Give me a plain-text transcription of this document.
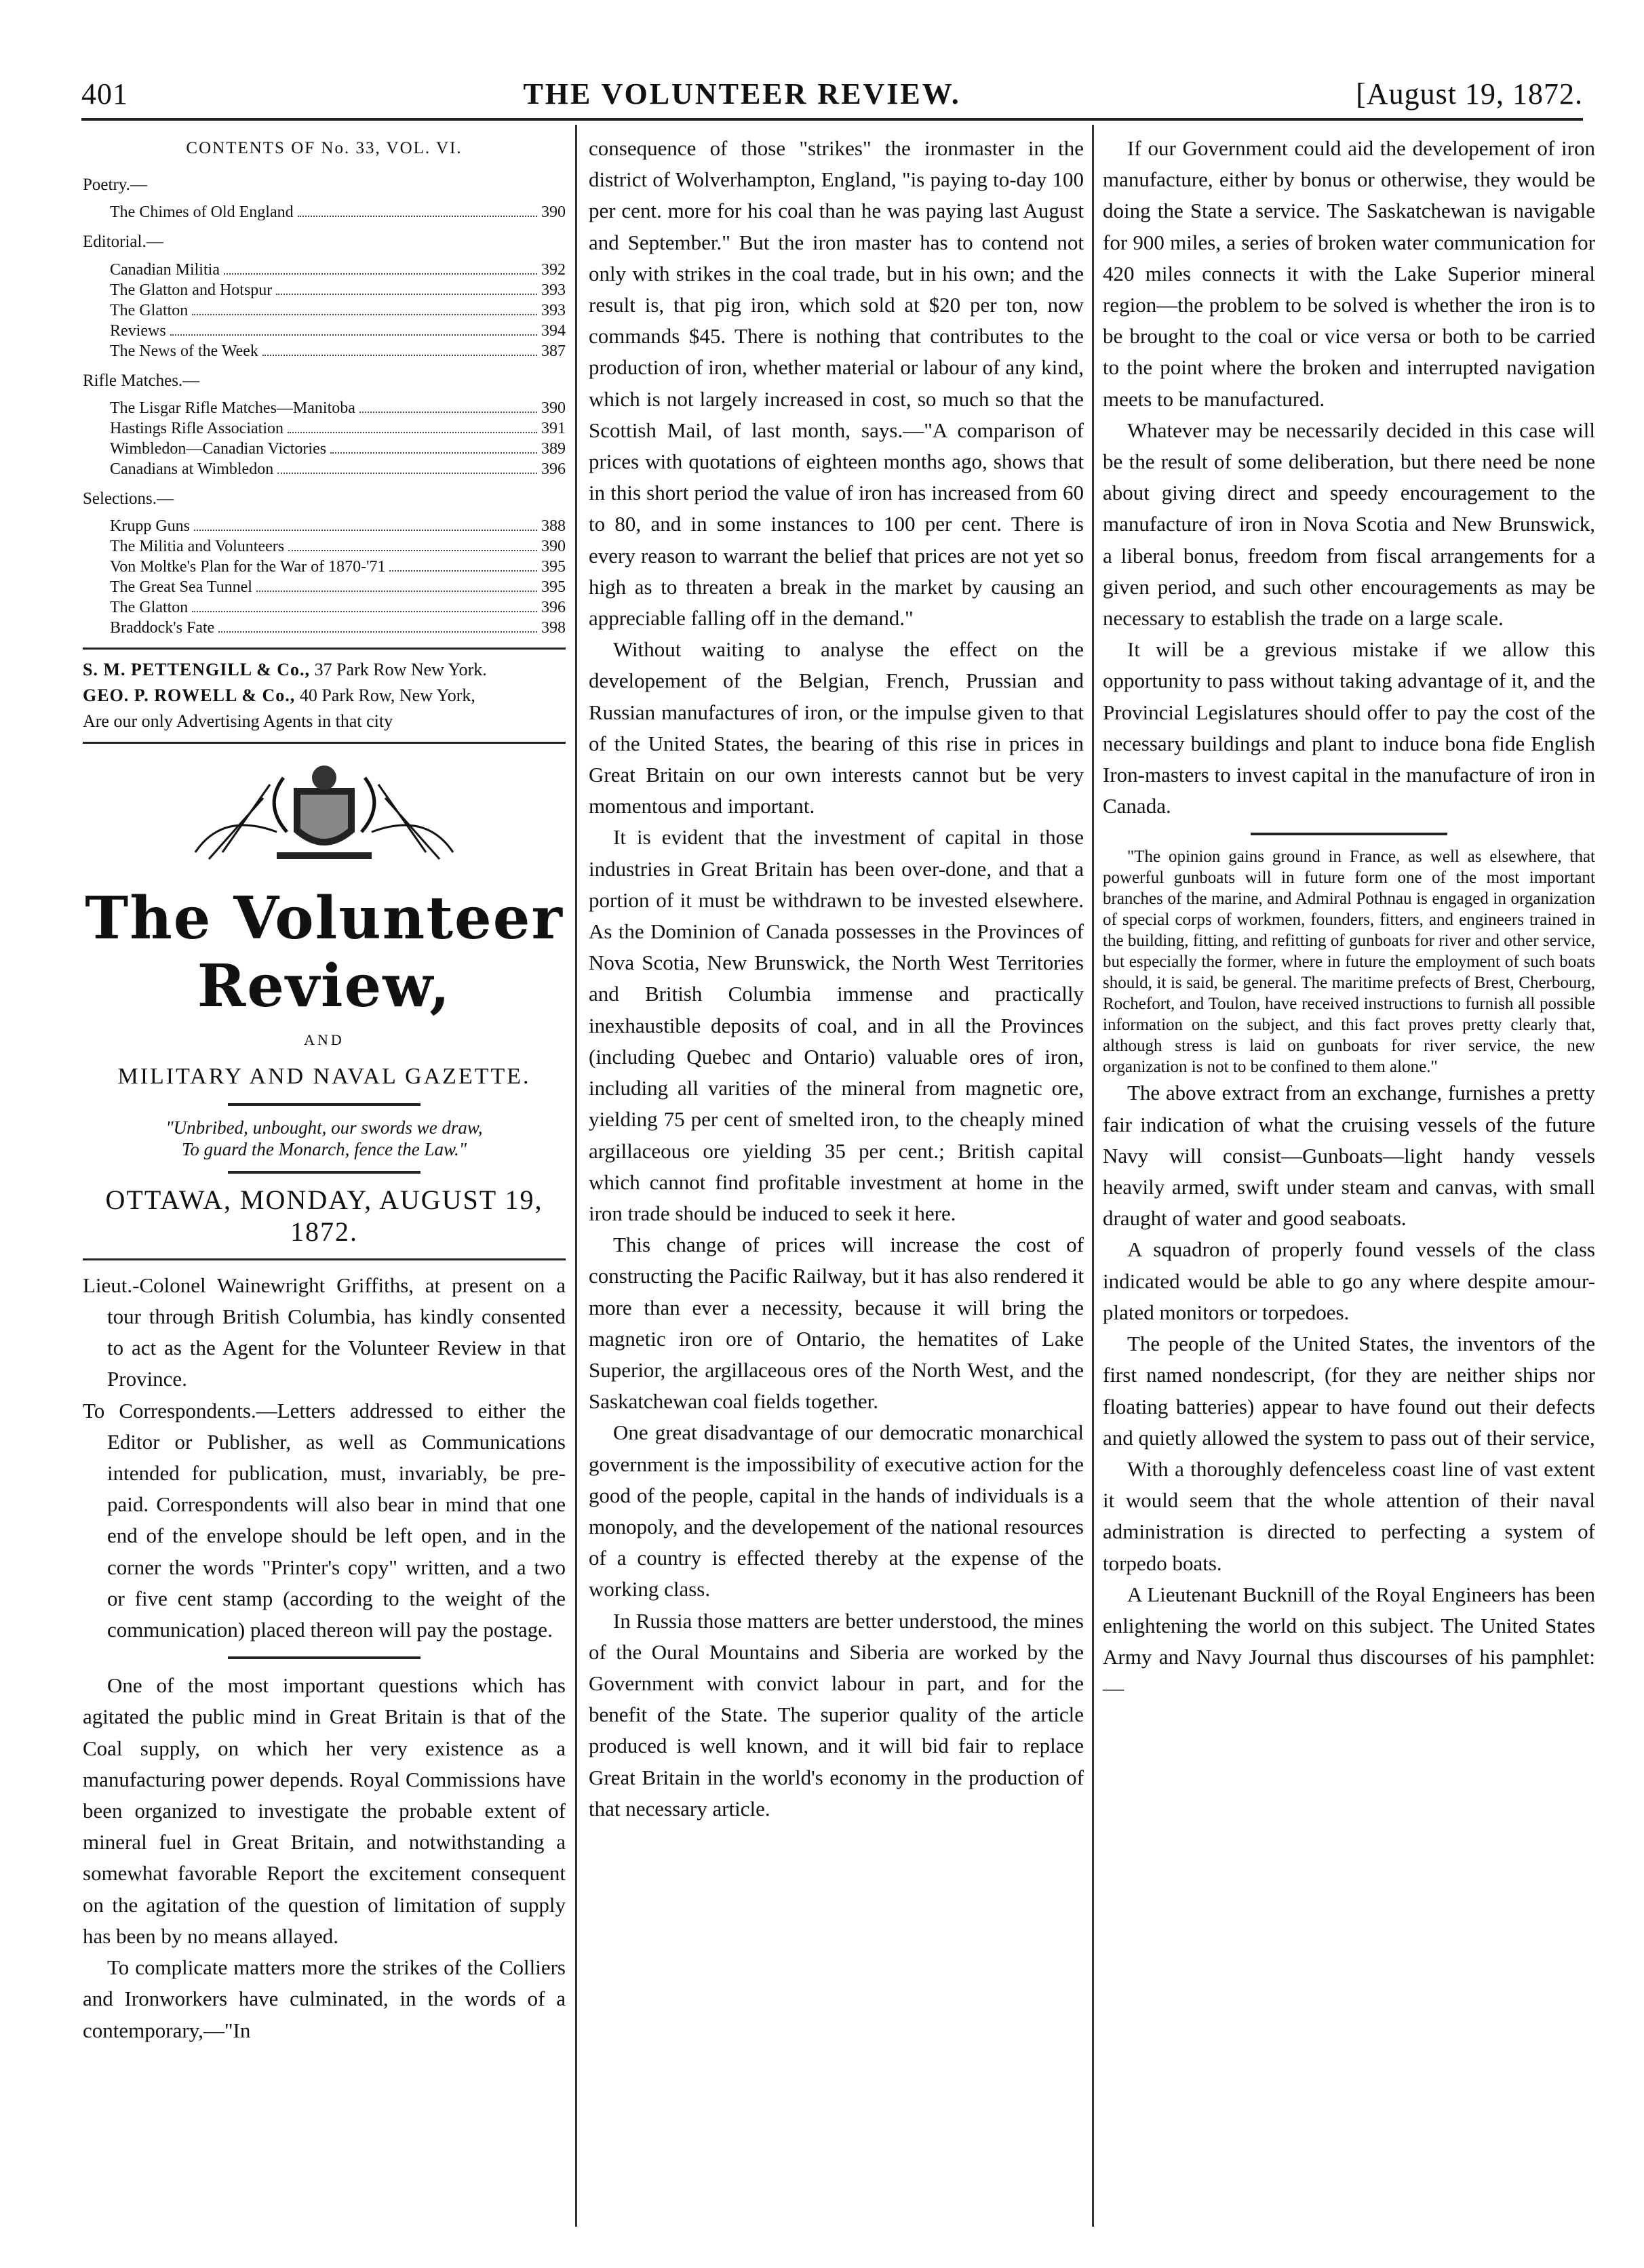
401	THE VOLUNTEER REVIEW.	[August 19, 1872.
CONTENTS OF No. 33, VOL. VI.
Poetry.—
The Chimes of Old England	390
Editorial.—
Canadian Militia	392
The Glatton and Hotspur	393
The Glatton	393
Reviews	394
The News of the Week	387
Rifle Matches.—
The Lisgar Rifle Matches—Manitoba	390
Hastings Rifle Association	391
Wimbledon—Canadian Victories	389
Canadians at Wimbledon	396
Selections.—
Krupp Guns	388
The Militia and Volunteers	390
Von Moltke's Plan for the War of 1870-'71	395
The Great Sea Tunnel	395
The Glatton	396
Braddock's Fate	398

S. M. PETTENGILL & Co., 37 Park Row New York.

GEO. P. ROWELL & Co., 40 Park Row, New York,

Are our only Advertising Agents in that city

The Volunteer Review,
AND
MILITARY AND NAVAL GAZETTE.
"Unbribed, unbought, our swords we draw,
To guard the Monarch, fence the Law."
OTTAWA, MONDAY, AUGUST 19, 1872.

Lieut.-Colonel Wainewright Griffiths, at present on a tour through British Columbia, has kindly consented to act as the Agent for the Volunteer Review in that Province.

To Correspondents.—Letters addressed to either the Editor or Publisher, as well as Communications intended for publication, must, invariably, be pre-paid. Correspondents will also bear in mind that one end of the envelope should be left open, and in the corner the words "Printer's copy" written, and a two or five cent stamp (according to the weight of the communication) placed thereon will pay the postage.

One of the most important questions which has agitated the public mind in Great Britain is that of the Coal supply, on which her very existence as a manufacturing power depends. Royal Commissions have been organized to investigate the probable extent of mineral fuel in Great Britain, and notwithstanding a somewhat favorable Report the excitement consequent on the agitation of the question of limitation of supply has been by no means allayed.

To complicate matters more the strikes of the Colliers and Ironworkers have culminated, in the words of a contemporary,—"In

consequence of those "strikes" the ironmaster in the district of Wolverhampton, England, "is paying to-day 100 per cent. more for his coal than he was paying last August and September." But the iron master has to contend not only with strikes in the coal trade, but in his own; and the result is, that pig iron, which sold at $20 per ton, now commands $45. There is nothing that contributes to the production of iron, whether material or labour of any kind, which is not largely increased in cost, so much so that the Scottish Mail, of last month, says.—"A comparison of prices with quotations of eighteen months ago, shows that in this short period the value of iron has increased from 60 to 80, and in some instances to 100 per cent. There is every reason to warrant the belief that prices are not yet so high as to threaten a break in the market by causing an appreciable falling off in the demand."

Without waiting to analyse the effect on the developement of the Belgian, French, Prussian and Russian manufactures of iron, or the impulse given to that of the United States, the bearing of this rise in prices in Great Britain on our own interests cannot but be very momentous and important.

It is evident that the investment of capital in those industries in Great Britain has been over-done, and that a portion of it must be withdrawn to be invested elsewhere. As the Dominion of Canada possesses in the Provinces of Nova Scotia, New Brunswick, the North West Territories and British Columbia immense and practically inexhaustible deposits of coal, and in all the Provinces (including Quebec and Ontario) valuable ores of iron, including all varities of the mineral from magnetic ore, yielding 75 per cent of smelted iron, to the cheaply mined argillaceous ore yielding 35 per cent.; British capital which cannot find profitable investment at home in the iron trade should be induced to seek it here.

This change of prices will increase the cost of constructing the Pacific Railway, but it has also rendered it more than ever a necessity, because it will bring the magnetic iron ore of Ontario, the hematites of Lake Superior, the argillaceous ores of the North West, and the Saskatchewan coal fields together.

One great disadvantage of our democratic monarchical government is the impossibility of executive action for the good of the people, capital in the hands of individuals is a monopoly, and the developement of the national resources of a country is effected thereby at the expense of the working class.

In Russia those matters are better understood, the mines of the Oural Mountains and Siberia are worked by the Government with convict labour in part, and for the benefit of the State. The superior quality of the article produced is well known, and it will bid fair to replace Great Britain in the world's economy in the production of that necessary article.

If our Government could aid the developement of iron manufacture, either by bonus or otherwise, they would be doing the State a service. The Saskatchewan is navigable for 900 miles, a series of broken water communication for 420 miles connects it with the Lake Superior mineral region—the problem to be solved is whether the iron is to be brought to the coal or vice versa or both to be carried to the point where the broken and interrupted navigation meets to be manufactured.

Whatever may be necessarily decided in this case will be the result of some deliberation, but there need be none about giving direct and speedy encouragement to the manufacture of iron in Nova Scotia and New Brunswick, a liberal bonus, freedom from fiscal arrangements for a given period, and such other encouragements as may be necessary to establish the trade on a large scale.

It will be a grevious mistake if we allow this opportunity to pass without taking advantage of it, and the Provincial Legislatures should offer to pay the cost of the necessary buildings and plant to induce bona fide English Iron-masters to invest capital in the manufacture of iron in Canada.

"The opinion gains ground in France, as well as elsewhere, that powerful gunboats will in future form one of the most important branches of the marine, and Admiral Pothnau is engaged in organization of special corps of workmen, founders, fitters, and engineers trained in the building, fitting, and refitting of gunboats for river and other service, but especially the former, where in future the employment of such boats should, it is said, be general. The maritime prefects of Brest, Cherbourg, Rochefort, and Toulon, have received instructions to furnish all possible information on the subject, and this fact proves pretty clearly that, although stress is laid on gunboats for river service, the new organization is not to be confined to them alone."

The above extract from an exchange, furnishes a pretty fair indication of what the cruising vessels of the future Navy will consist—Gunboats—light handy vessels heavily armed, swift under steam and canvas, with small draught of water and good seaboats.

A squadron of properly found vessels of the class indicated would be able to go any where despite amour-plated monitors or torpedoes.

The people of the United States, the inventors of the first named nondescript, (for they are neither ships nor floating batteries) appear to have found out their defects and quietly allowed the system to pass out of their service,

With a thoroughly defenceless coast line of vast extent it would seem that the whole attention of their naval administration is directed to perfecting a system of torpedo boats.

A Lieutenant Bucknill of the Royal Engineers has been enlightening the world on this subject. The United States Army and Navy Journal thus discourses of his pamphlet:—
